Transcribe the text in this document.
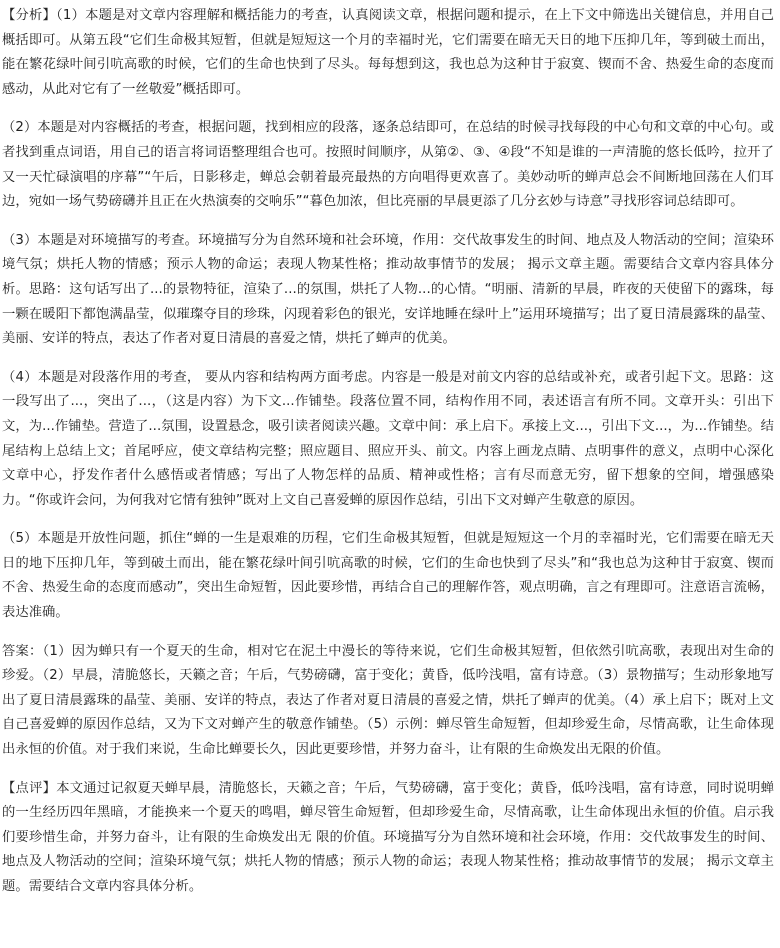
【分析】（1）本题是对文章内容理解和概括能力的考查，认真阅读文章，根据问题和提示，在上下文中筛选出关键信息，并用自己概括即可。从第五段“它们生命极其短暂，但就是短短这一个月的幸福时光，它们需要在暗无天日的地下压抑几年，等到破土而出，能在繁花绿叶间引吭高歌的时候，它们的生命也快到了尽头。每每想到这，我也总为这种甘于寂寞、锲而不舍、热爱生命的态度而感动，从此对它有了一丝敬爱”概括即可。

（2）本题是对内容概括的考查，根据问题，找到相应的段落，逐条总结即可，在总结的时候寻找每段的中心句和文章的中心句。或者找到重点词语，用自己的语言将词语整理组合也可。按照时间顺序，从第②、③、④段“不知是谁的一声清脆的悠长低吟，拉开了又一天忙碌演唱的序幕”“午后，日影移走，蝉总会朝着最亮最热的方向唱得更欢喜了。美妙动听的蝉声总会不间断地回荡在人们耳边，宛如一场气势磅礴并且正在火热演奏的交响乐”“暮色加浓，但比亮丽的早晨更添了几分玄妙与诗意”寻找形容词总结即可。

（3）本题是对环境描写的考查。环境描写分为自然环境和社会环境，作用：交代故事发生的时间、地点及人物活动的空间；渲染环境气氛；烘托人物的情感；预示人物的命运；表现人物某性格；推动故事情节的发展； 揭示文章主题。需要结合文章内容具体分析。思路：这句话写出了...的景物特征，渲染了...的氛围，烘托了人物...的心情。“明丽、清新的早晨，昨夜的天使留下的露珠，每一颗在暖阳下都饱满晶莹，似璀璨夺目的珍珠，闪现着彩色的银光，安详地睡在绿叶上”运用环境描写；岀了夏日清晨露珠的晶莹、美丽、安详的特点，表达了作者对夏日清晨的喜爱之情，烘托了蝉声的优美。

（4）本题是对段落作用的考查， 要从内容和结构两方面考虑。内容是一般是对前文内容的总结或补充，或者引起下文。思路：这一段写出了...，突出了...，（这是内容）为下文...作铺垫。段落位置不同，结构作用不同，表述语言有所不同。文章开头：引出下文，为...作铺垫。营造了...氛围，设置悬念，吸引读者阅读兴趣。文章中间：承上启下。承接上文...，引出下文...，为...作铺垫。结尾结构上总结上文；首尾呼应，使文章结构完整；照应题目、照应开头、前文。内容上画龙点睛、点明事件的意义，点明中心深化文章中心，抒发作者什么感悟或者情感；写出了人物怎样的品质、精神或性格；言有尽而意无穷，留下想象的空间，增强感染力。“你或许会问，为何我对它情有独钟”既对上文自己喜爱蝉的原因作总结，引出下文对蝉产生敬意的原因。

（5）本题是开放性问题，抓住“蝉的一生是艰难的历程，它们生命极其短暂，但就是短短这一个月的幸福时光，它们需要在暗无天日的地下压抑几年，等到破土而出，能在繁花绿叶间引吭高歌的时候，它们的生命也快到了尽头”和“我也总为这种甘于寂寞、锲而不舍、热爱生命的态度而感动”，突出生命短暂，因此要珍惜，再结合自己的理解作答，观点明确，言之有理即可。注意语言流畅，表达准确。

答案：（1）因为蝉只有一个夏天的生命，相对它在泥土中漫长的等待来说，它们生命极其短暂，但依然引吭高歌，表现出对生命的珍爱。（2）早晨，清脆悠长，天籁之音；午后，气势磅礴，富于变化；黄昏，低吟浅唱，富有诗意。（3）景物描写；生动形象地写出了夏日清晨露珠的晶莹、美丽、安详的特点，表达了作者对夏日清晨的喜爱之情，烘托了蝉声的优美。（4）承上启下；既对上文自己喜爱蝉的原因作总结，又为下文对蝉产生的敬意作铺垫。（5）示例：蝉尽管生命短暂，但却珍爱生命，尽情高歌，让生命体现出永恒的价值。对于我们来说，生命比蝉要长久，因此更要珍惜，并努力奋斗，让有限的生命焕发出无限的价值。

【点评】本文通过记叙夏天蝉早晨，清脆悠长，天籁之音；午后，气势磅礴，富于变化；黄昏，低吟浅唱，富有诗意，同时说明蝉的一生经历四年黑暗，才能换来一个夏天的鸣唱，蝉尽管生命短暂，但却珍爱生命，尽情高歌，让生命体现出永恒的价值。启示我们要珍惜生命，并努力奋斗，让有限的生命焕发出无 限的价值。环境描写分为自然环境和社会环境，作用：交代故事发生的时间、地点及人物活动的空间；渲染环境气氛；烘托人物的情感；预示人物的命运；表现人物某性格；推动故事情节的发展； 揭示文章主题。需要结合文章内容具体分析。
